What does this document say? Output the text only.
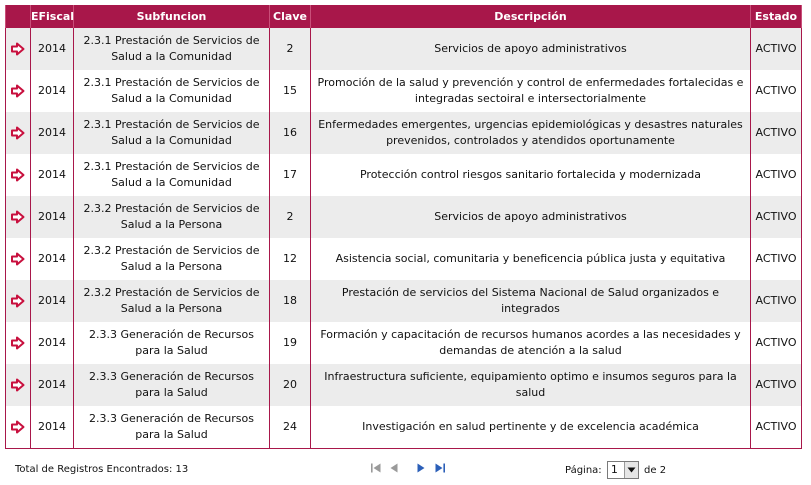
	EFiscal	Subfuncion	Clave	Descripción	Estado

	2014	2.3.1 Prestación de Servicios de Salud a la Comunidad	2	Servicios de apoyo administrativos	ACTIVO

	2014	2.3.1 Prestación de Servicios de Salud a la Comunidad	15	Promoción de la salud y prevención y control de enfermedades fortalecidas e integradas sectoiral e intersectorialmente	ACTIVO

	2014	2.3.1 Prestación de Servicios de Salud a la Comunidad	16	Enfermedades emergentes, urgencias epidemiológicas y desastres naturales prevenidos, controlados y atendidos oportunamente	ACTIVO

	2014	2.3.1 Prestación de Servicios de Salud a la Comunidad	17	Protección control riesgos sanitario fortalecida y modernizada	ACTIVO

	2014	2.3.2 Prestación de Servicios de Salud a la Persona	2	Servicios de apoyo administrativos	ACTIVO

	2014	2.3.2 Prestación de Servicios de Salud a la Persona	12	Asistencia social, comunitaria y beneficencia pública justa y equitativa	ACTIVO

	2014	2.3.2 Prestación de Servicios de Salud a la Persona	18	Prestación de servicios del Sistema Nacional de Salud organizados e integrados	ACTIVO

	2014	2.3.3 Generación de Recursos para la Salud	19	Formación y capacitación de recursos humanos acordes a las necesidades y demandas de atención a la salud	ACTIVO

	2014	2.3.3 Generación de Recursos para la Salud	20	Infraestructura suficiente, equipamiento optimo e insumos seguros para la salud	ACTIVO

	2014	2.3.3 Generación de Recursos para la Salud	24	Investigación en salud pertinente y de excelencia académica	ACTIVO
Total de Registros Encontrados: 13
	Página: 1	de 2
